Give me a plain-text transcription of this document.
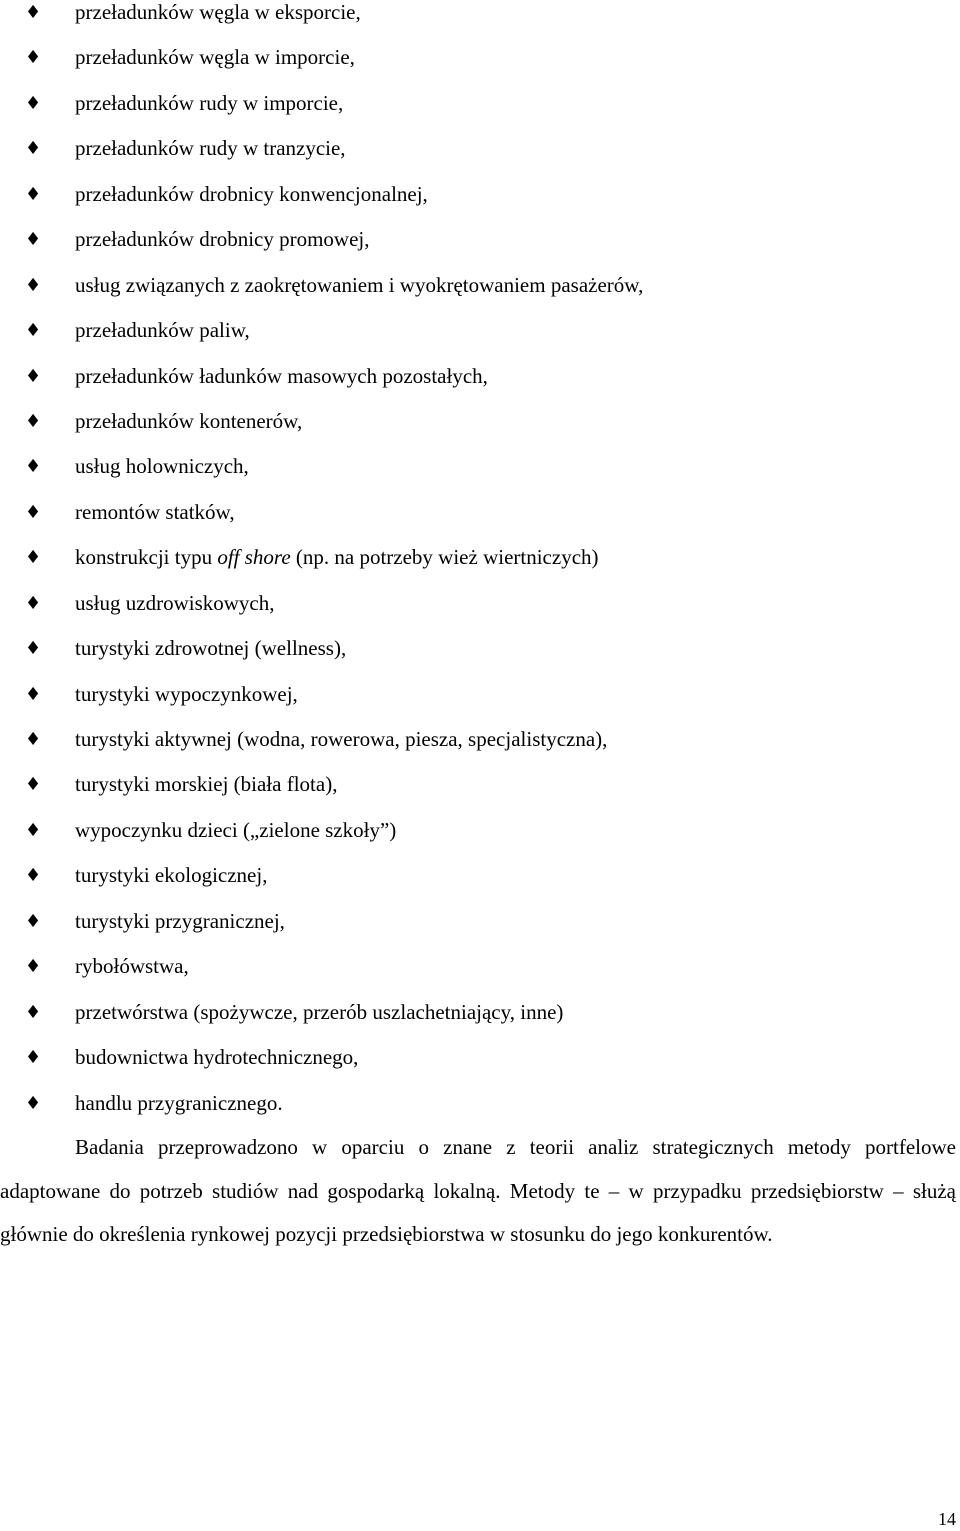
♦ przeładunków węgla w eksporcie,
♦ przeładunków węgla w imporcie,
♦ przeładunków rudy w imporcie,
♦ przeładunków rudy w tranzycie,
♦ przeładunków drobnicy konwencjonalnej,
♦ przeładunków drobnicy promowej,
♦ usług związanych z zaokrętowaniem i wyokrętowaniem pasażerów,
♦ przeładunków paliw,
♦ przeładunków ładunków masowych pozostałych,
♦ przeładunków kontenerów,
♦ usług holowniczych,
♦ remontów statków,
♦ konstrukcji typu off shore (np. na potrzeby wież wiertniczych)
♦ usług uzdrowiskowych,
♦ turystyki zdrowotnej (wellness),
♦ turystyki wypoczynkowej,
♦ turystyki aktywnej (wodna, rowerowa, piesza, specjalistyczna),
♦ turystyki morskiej (biała flota),
♦ wypoczynku dzieci („zielone szkoły”)
♦ turystyki ekologicznej,
♦ turystyki przygranicznej,
♦ rybołówstwa,
♦ przetwórstwa (spożywcze, przerób uszlachetniający, inne)
♦ budownictwa hydrotechnicznego,
♦ handlu przygranicznego.

Badania przeprowadzono w oparciu o znane z teorii analiz strategicznych metody portfelowe adaptowane do potrzeb studiów nad gospodarką lokalną. Metody te – w przypadku przedsiębiorstw – służą głównie do określenia rynkowej pozycji przedsiębiorstwa w stosunku do jego konkurentów.

14
